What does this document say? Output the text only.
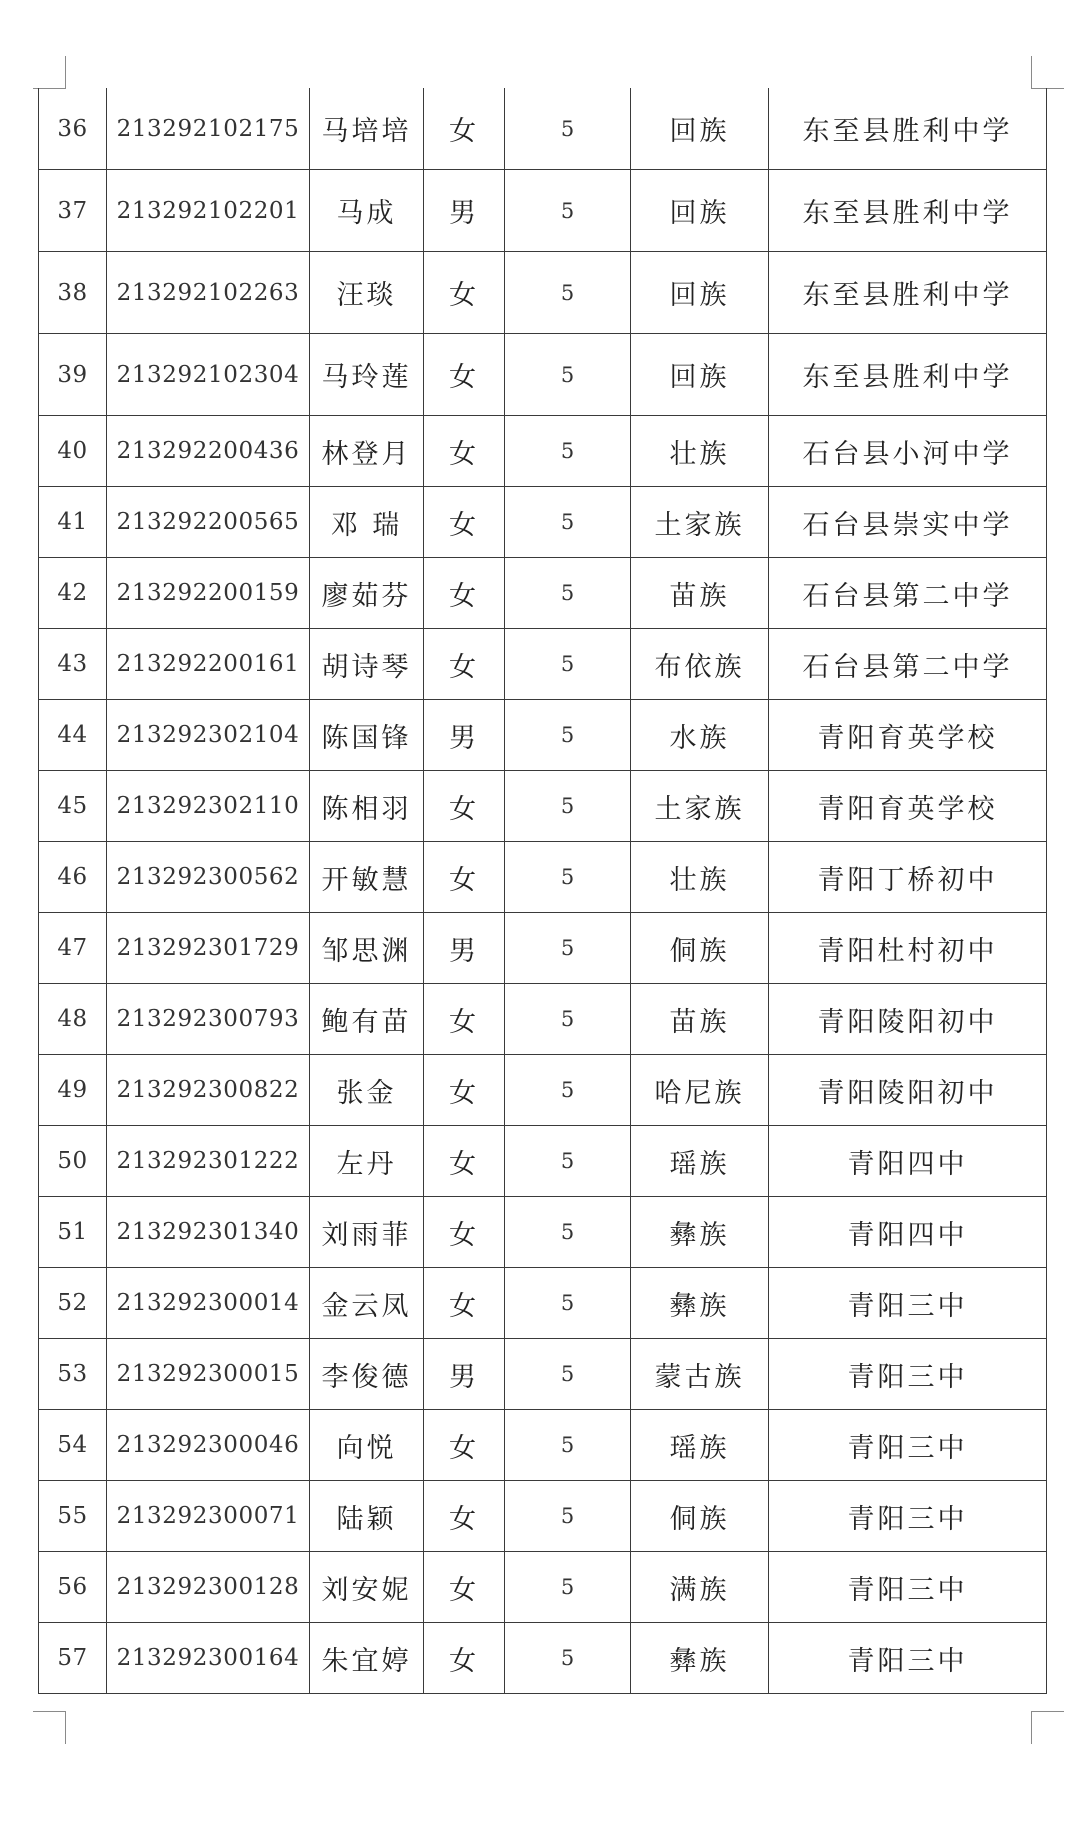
36	213292102175	马培培	女	5	回族	东至县胜利中学
37	213292102201	马成	男	5	回族	东至县胜利中学
38	213292102263	汪琰	女	5	回族	东至县胜利中学
39	213292102304	马玲莲	女	5	回族	东至县胜利中学
40	213292200436	林登月	女	5	壮族	石台县小河中学
41	213292200565	邓 瑞	女	5	土家族	石台县崇实中学
42	213292200159	廖茹芬	女	5	苗族	石台县第二中学
43	213292200161	胡诗琴	女	5	布依族	石台县第二中学
44	213292302104	陈国锋	男	5	水族	青阳育英学校
45	213292302110	陈相羽	女	5	土家族	青阳育英学校
46	213292300562	开敏慧	女	5	壮族	青阳丁桥初中
47	213292301729	邹思渊	男	5	侗族	青阳杜村初中
48	213292300793	鲍有苗	女	5	苗族	青阳陵阳初中
49	213292300822	张金	女	5	哈尼族	青阳陵阳初中
50	213292301222	左丹	女	5	瑶族	青阳四中
51	213292301340	刘雨菲	女	5	彝族	青阳四中
52	213292300014	金云凤	女	5	彝族	青阳三中
53	213292300015	李俊德	男	5	蒙古族	青阳三中
54	213292300046	向悦	女	5	瑶族	青阳三中
55	213292300071	陆颖	女	5	侗族	青阳三中
56	213292300128	刘安妮	女	5	满族	青阳三中
57	213292300164	朱宜婷	女	5	彝族	青阳三中
